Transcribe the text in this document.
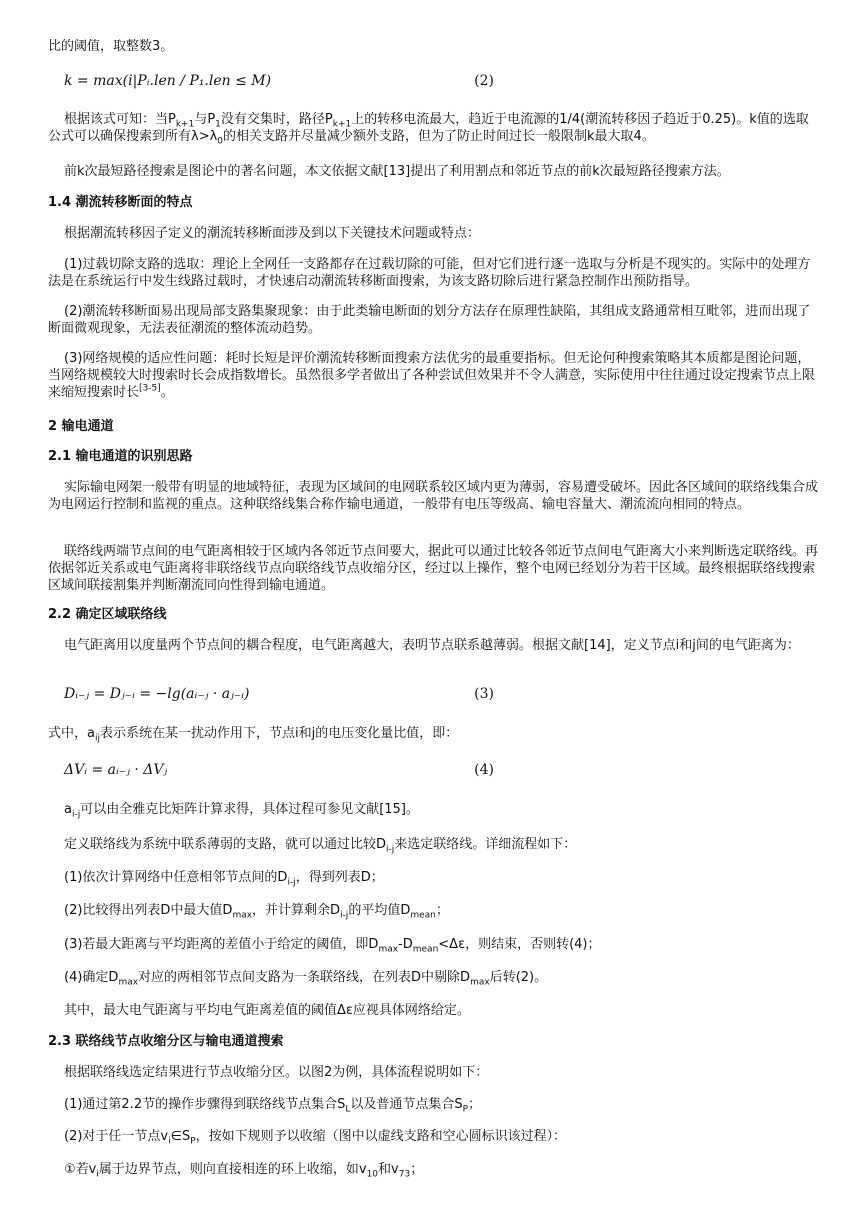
比的阈值，取整数3。

k = max(i|Pᵢ.len / P₁.len ≤ M)	(2)

根据该式可知：当$P_{k+1}$与$P_1$没有交集时，路径$P_{k+1}$上的转移电流最大，趋近于电流源的1/4(潮流转移因子趋近于0.25)。k值的选取公式可以确保搜索到所有$\lambda>\lambda_0$的相关支路并尽量减少额外支路，但为了防止时间过长一般限制k最大取4。

前k次最短路径搜索是图论中的著名问题，本文依据文献[13]提出了利用割点和邻近节点的前k次最短路径搜索方法。

1.4 潮流转移断面的特点

根据潮流转移因子定义的潮流转移断面涉及到以下关键技术问题或特点：

(1)过载切除支路的选取：理论上全网任一支路都存在过载切除的可能，但对它们进行逐一选取与分析是不现实的。实际中的处理方法是在系统运行中发生线路过载时，才快速启动潮流转移断面搜索，为该支路切除后进行紧急控制作出预防指导。

(2)潮流转移断面易出现局部支路集聚现象：由于此类输电断面的划分方法存在原理性缺陷，其组成支路通常相互毗邻，进而出现了断面微观现象，无法表征潮流的整体流动趋势。

(3)网络规模的适应性问题：耗时长短是评价潮流转移断面搜索方法优劣的最重要指标。但无论何种搜索策略其本质都是图论问题，当网络规模较大时搜索时长会成指数增长。虽然很多学者做出了各种尝试但效果并不令人满意，实际使用中往往通过设定搜索节点上限来缩短搜索时长[3-5]。

2 输电通道

2.1 输电通道的识别思路

实际输电网架一般带有明显的地域特征，表现为区域间的电网联系较区域内更为薄弱，容易遭受破坏。因此各区域间的联络线集合成为电网运行控制和监视的重点。这种联络线集合称作输电通道，一般带有电压等级高、输电容量大、潮流流向相同的特点。

联络线两端节点间的电气距离相较于区域内各邻近节点间要大，据此可以通过比较各邻近节点间电气距离大小来判断选定联络线。再依据邻近关系或电气距离将非联络线节点向联络线节点收缩分区，经过以上操作，整个电网已经划分为若干区域。最终根据联络线搜索区域间联接割集并判断潮流同向性得到输电通道。

2.2 确定区域联络线

电气距离用以度量两个节点间的耦合程度，电气距离越大，表明节点联系越薄弱。根据文献[14]，定义节点i和j间的电气距离为：

Dᵢ₋ⱼ = Dⱼ₋ᵢ = −lg(aᵢ₋ⱼ · aⱼ₋ᵢ)	(3)

式中，$a_{ij}$表示系统在某一扰动作用下，节点i和j的电压变化量比值，即：

ΔVᵢ = aᵢ₋ⱼ · ΔVⱼ	(4)

$a_{i-j}$可以由全雅克比矩阵计算求得，具体过程可参见文献[15]。

定义联络线为系统中联系薄弱的支路，就可以通过比较$D_{i-j}$来选定联络线。详细流程如下：

(1)依次计算网络中任意相邻节点间的$D_{i-j}$，得到列表D；

(2)比较得出列表D中最大值$D_{max}$，并计算剩余$D_{i-j}$的平均值$D_{mean}$；

(3)若最大距离与平均距离的差值小于给定的阈值，即$D_{max}-D_{mean}<\Delta\varepsilon$，则结束，否则转(4)；

(4)确定$D_{max}$对应的两相邻节点间支路为一条联络线，在列表D中剔除$D_{max}$后转(2)。

其中，最大电气距离与平均电气距离差值的阈值Δε应视具体网络给定。

2.3 联络线节点收缩分区与输电通道搜索

根据联络线选定结果进行节点收缩分区。以图2为例，具体流程说明如下：

(1)通过第2.2节的操作步骤得到联络线节点集合$S_L$以及普通节点集合$S_P$；

(2)对于任一节点$v_i\in S_P$，按如下规则予以收缩（图中以虚线支路和空心圆标识该过程）：

①若$v_i$属于边界节点，则向直接相连的环上收缩，如$v_{10}$和$v_{73}$；
